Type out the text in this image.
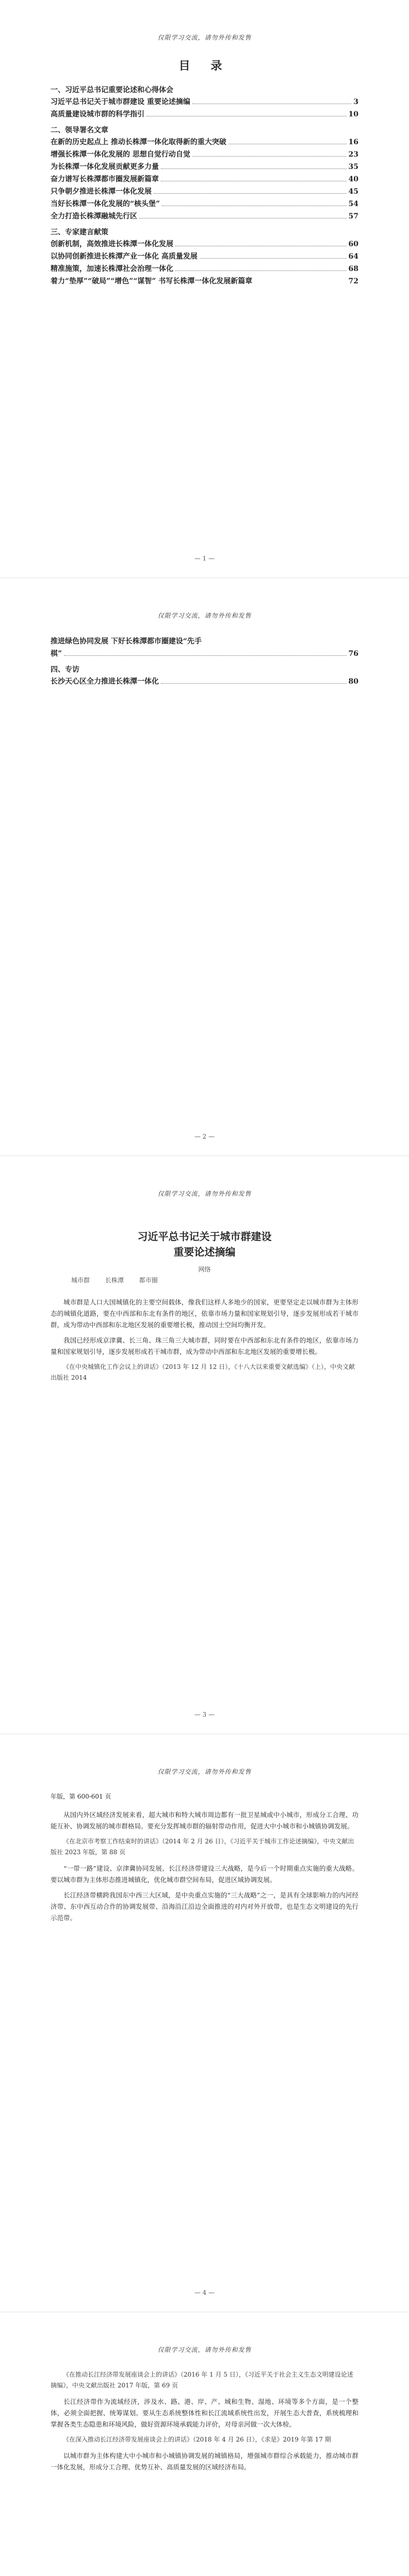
仅限学习交流，请勿外传和发售
目 录
一、习近平总书记重要论述和心得体会
习近平总书记关于城市群建设 重要论述摘编	3
高质量建设城市群的科学指引	10
二、领导署名文章
在新的历史起点上 推动长株潭一体化取得新的重大突破	16
增强长株潭一体化发展的 思想自觉行动自觉	23
为长株潭一体化发展贡献更多力量	35
奋力谱写长株潭都市圈发展新篇章	40
只争朝夕推进长株潭一体化发展	45
当好长株潭一体化发展的“核头堡”	54
全力打造长株潭融城先行区	57
三、专家建言献策
创新机制，高效推进长株潭一体化发展	60
以协同创新推进长株潭产业一体化 高质量发展	64
精准施策，加速长株潭社会治理一体化	68
着力“垫厚”“破局”“增色”“谋智” 书写长株潭一体化发展新篇章	72
— 1 —
仅限学习交流，请勿外传和发售
推进绿色协同发展 下好长株潭都市圈建设“先手
棋”	76
四、专访
长沙天心区全力推进长株潭一体化	80
— 2 —
仅限学习交流，请勿外传和发售
习近平总书记关于城市群建设
重要论述摘编
网络
城市群 长株潭 都市圈

城市群是人口大国城镇化的主要空间载体，像我们这样人多地少的国家，更要坚定走以城市群为主体形态的城镇化道路，要在中西部和东北有条件的地区，依靠市场力量和国家规划引导，逐步发展形成若干城市群，成为带动中西部和东北地区发展的重要增长极，推动国土空间均衡开发。

我国已经形成京津冀、长三角、珠三角三大城市群，同时要在中西部和东北有条件的地区，依靠市场力量和国家规划引导，逐步发展形成若干城市群，成为带动中西部和东北地区发展的重要增长极。

《在中央城镇化工作会议上的讲话》（2013 年 12 月 12 日），《十八大以来重要文献选编》（上），中央文献出版社 2014

— 3 —
仅限学习交流，请勿外传和发售

年版，第 600-601 页

从国内外区域经济发展来看，超大城市和特大城市周边都有一批卫星城或中小城市，形成分工合理、功能互补、协调发展的城市群格局。要充分发挥城市群的辐射带动作用，促进大中小城市和小城镇协调发展。

《在北京市考察工作结束时的讲话》（2014 年 2 月 26 日），《习近平关于城市工作论述摘编》，中央文献出版社 2023 年版，第 88 页

“一带一路”建设、京津冀协同发展、长江经济带建设三大战略，是今后一个时期重点实施的重大战略。要以城市群为主体形态推进城镇化，优化城市群空间布局，促进区域协调发展。

长江经济带横跨我国东中西三大区域，是中央重点实施的“三大战略”之一，是具有全球影响力的内河经济带、东中西互动合作的协调发展带、沿海沿江沿边全面推进的对内对外开放带，也是生态文明建设的先行示范带。

— 4 —
仅限学习交流，请勿外传和发售

《在推动长江经济带发展座谈会上的讲话》（2016 年 1 月 5 日），《习近平关于社会主义生态文明建设论述摘编》，中央文献出版社 2017 年版，第 69 页

长江经济带作为流域经济，涉及水、路、港、岸、产、城和生物、湿地、环境等多个方面，是一个整体，必须全面把握、统筹谋划。要从生态系统整体性和长江流域系统性出发，开展生态大普查，系统梳理和掌握各类生态隐患和环境风险，做好资源环境承载能力评价，对母亲河做一次大体检。

《在深入推动长江经济带发展座谈会上的讲话》（2018 年 4 月 26 日），《求是》2019 年第 17 期

以城市群为主体构建大中小城市和小城镇协调发展的城镇格局，增强城市群综合承载能力，推动城市群一体化发展，形成分工合理、优势互补、高质量发展的区域经济布局。
